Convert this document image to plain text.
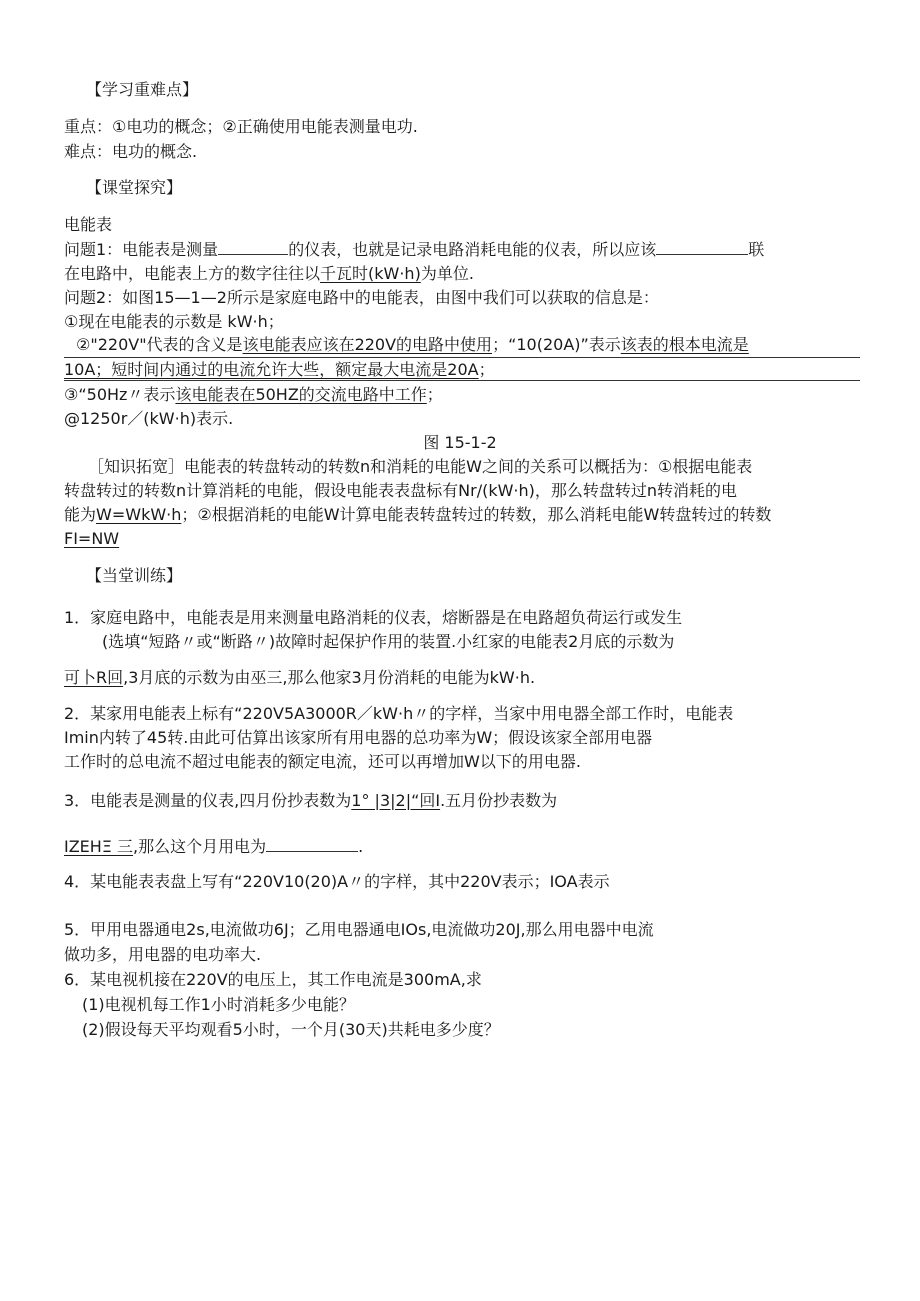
【学习重难点】
重点：①电功的概念；②正确使用电能表测量电功.
难点：电功的概念.
【课堂探究】
电能表
问题1：电能表是测量	的仪表，也就是记录电路消耗电能的仪表，所以应该	联
在电路中，电能表上方的数字往往以千瓦时(kW·h)为单位.
问题2：如图15—1—2所示是家庭电路中的电能表，由图中我们可以获取的信息是：
①现在电能表的示数是 kW·h；
②"220V"代表的含义是该电能表应该在220V的电路中使用；“10(20A)”表示该表的根本电流是
10A；短时间内通过的电流允许大些，额定最大电流是20A；
③“50Hz〃表示该电能表在50HZ的交流电路中工作；
@1250r／(kW·h)表示.
图 15-1-2
［知识拓宽］电能表的转盘转动的转数n和消耗的电能W之间的关系可以概括为：①根据电能表
转盘转过的转数n计算消耗的电能，假设电能表表盘标有Nr/(kW·h)，那么转盘转过n转消耗的电
能为W=WkW·h；②根据消耗的电能W计算电能表转盘转过的转数，那么消耗电能W转盘转过的转数
FI=NW
【当堂训练】
1．家庭电路中，电能表是用来测量电路消耗的仪表，熔断器是在电路超负荷运行或发生
(选填“短路〃或“断路〃)故障时起保护作用的装置.小红家的电能表2月底的示数为
可卜R回,3月底的示数为由巫三,那么他家3月份消耗的电能为kW·h.
2．某家用电能表上标有“220V5A3000R／kW·h〃的字样，当家中用电器全部工作时，电能表
Imin内转了45转.由此可估算出该家所有用电器的总功率为W；假设该家全部用电器
工作时的总电流不超过电能表的额定电流，还可以再增加W以下的用电器.
3．电能表是测量的仪表,四月份抄表数为1° |3|2|“回I.五月份抄表数为
IZEHΞ 三,那么这个月用电为	.
4．某电能表表盘上写有“220V10(20)A〃的字样，其中220V表示；IOA表示
5．甲用电器通电2s,电流做功6J；乙用电器通电IOs,电流做功20J,那么用电器中电流
做功多，用电器的电功率大.
6．某电视机接在220V的电压上，其工作电流是300mA,求
(1)电视机每工作1小时消耗多少电能？
(2)假设每天平均观看5小时，一个月(30天)共耗电多少度？
